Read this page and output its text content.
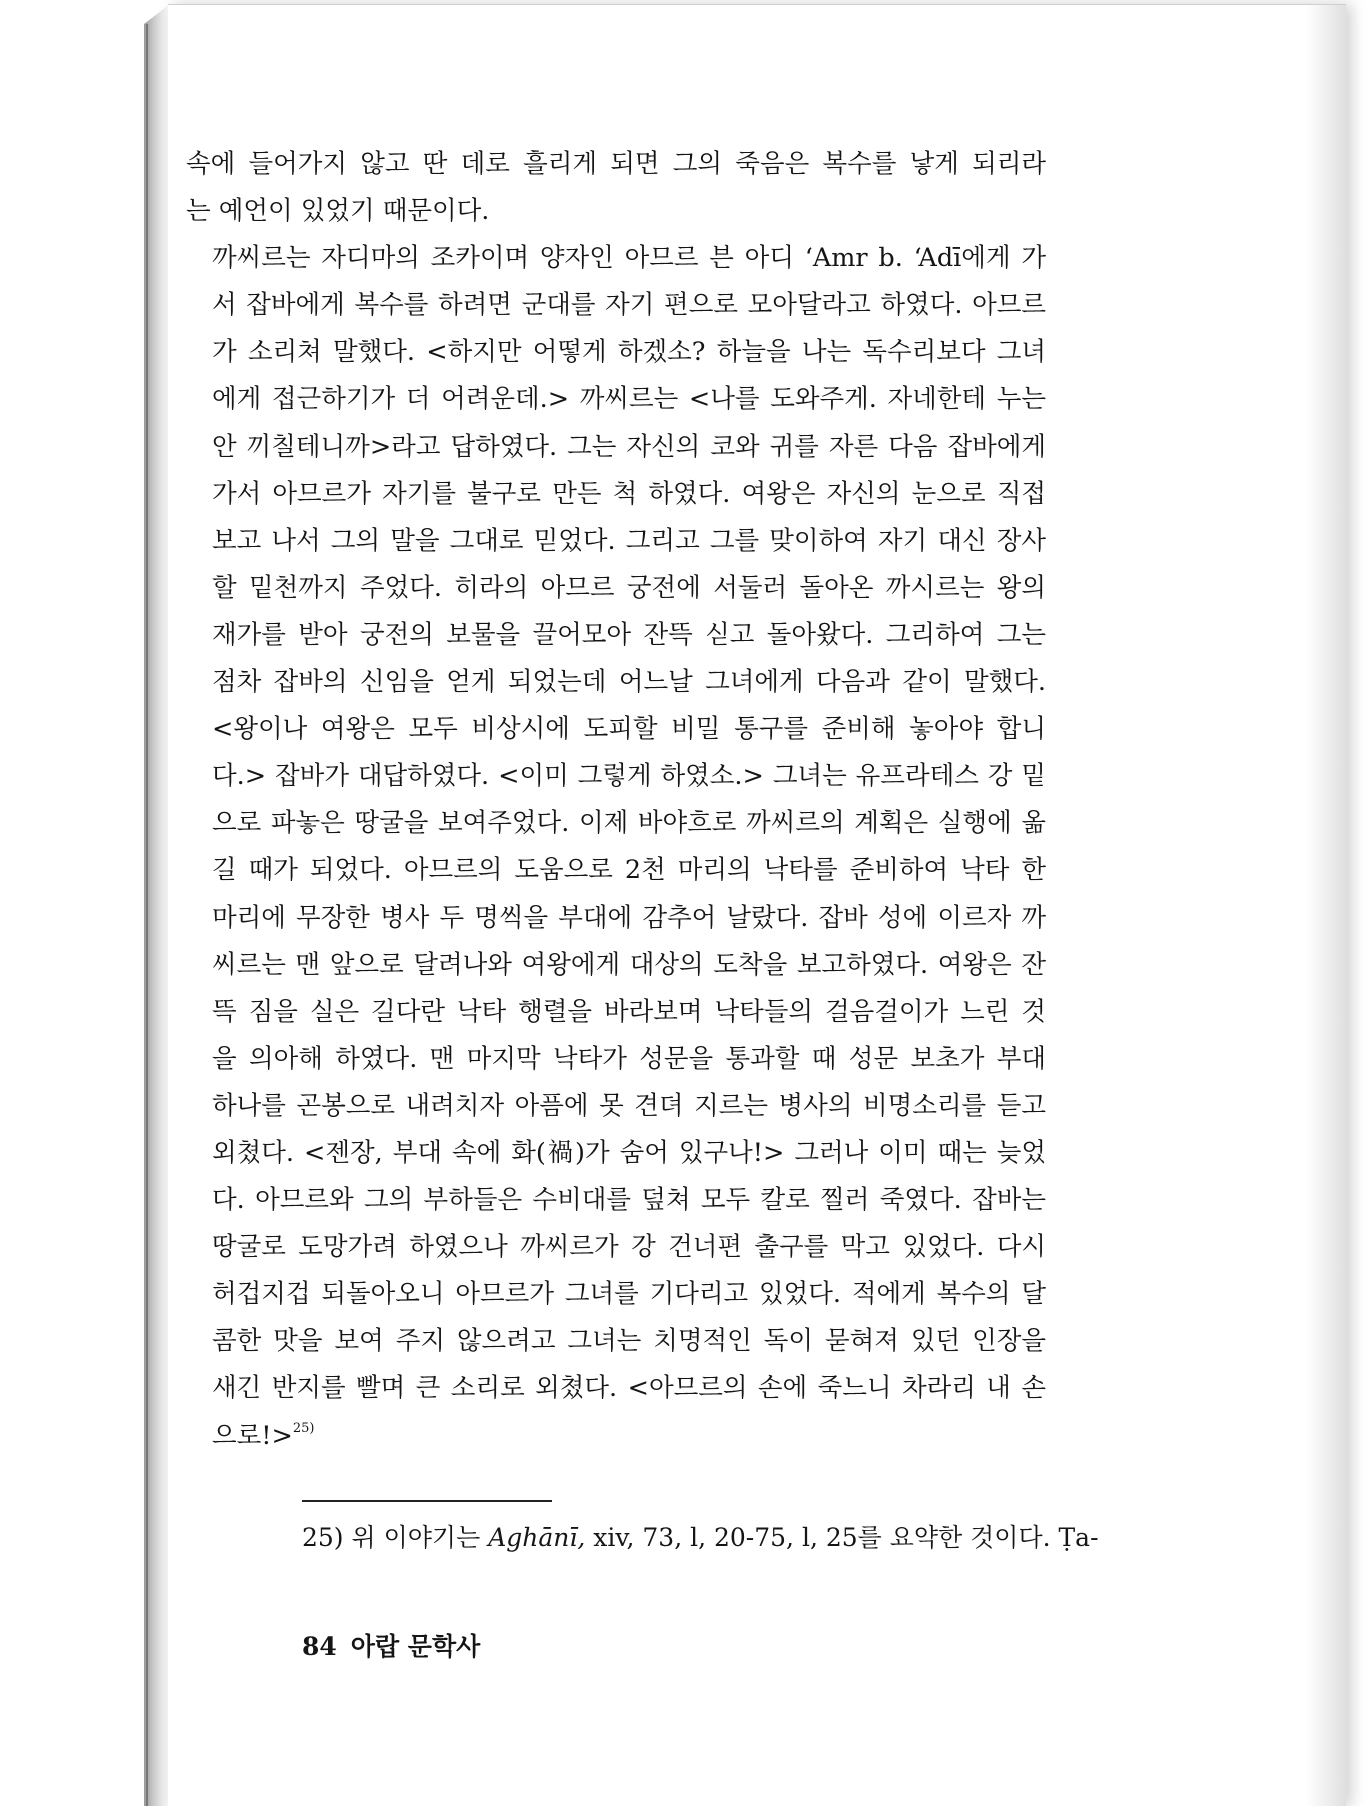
속에 들어가지 않고 딴 데로 흘리게 되면 그의 죽음은 복수를 낳게 되리라
는 예언이 있었기 때문이다.

까씨르는 자디마의 조카이며 양자인 아므르 븐 아디 ‘Amr b. ‘Adī에게 가
서 잡바에게 복수를 하려면 군대를 자기 편으로 모아달라고 하였다. 아므르
가 소리쳐 말했다. <하지만 어떻게 하겠소? 하늘을 나는 독수리보다 그녀
에게 접근하기가 더 어려운데.> 까씨르는 <나를 도와주게. 자네한테 누는
안 끼칠테니까>라고 답하였다. 그는 자신의 코와 귀를 자른 다음 잡바에게
가서 아므르가 자기를 불구로 만든 척 하였다. 여왕은 자신의 눈으로 직접
보고 나서 그의 말을 그대로 믿었다. 그리고 그를 맞이하여 자기 대신 장사
할 밑천까지 주었다. 히라의 아므르 궁전에 서둘러 돌아온 까시르는 왕의
재가를 받아 궁전의 보물을 끌어모아 잔뜩 싣고 돌아왔다. 그리하여 그는
점차 잡바의 신임을 얻게 되었는데 어느날 그녀에게 다음과 같이 말했다.
<왕이나 여왕은 모두 비상시에 도피할 비밀 통구를 준비해 놓아야 합니
다.> 잡바가 대답하였다. <이미 그렇게 하였소.> 그녀는 유프라테스 강 밑
으로 파놓은 땅굴을 보여주었다. 이제 바야흐로 까씨르의 계획은 실행에 옮
길 때가 되었다. 아므르의 도움으로 2천 마리의 낙타를 준비하여 낙타 한
마리에 무장한 병사 두 명씩을 부대에 감추어 날랐다. 잡바 성에 이르자 까
씨르는 맨 앞으로 달려나와 여왕에게 대상의 도착을 보고하였다. 여왕은 잔
뜩 짐을 실은 길다란 낙타 행렬을 바라보며 낙타들의 걸음걸이가 느린 것
을 의아해 하였다. 맨 마지막 낙타가 성문을 통과할 때 성문 보초가 부대
하나를 곤봉으로 내려치자 아픔에 못 견뎌 지르는 병사의 비명소리를 듣고
외쳤다. <젠장, 부대 속에 화(禍)가 숨어 있구나!> 그러나 이미 때는 늦었
다. 아므르와 그의 부하들은 수비대를 덮쳐 모두 칼로 찔러 죽였다. 잡바는
땅굴로 도망가려 하였으나 까씨르가 강 건너편 출구를 막고 있었다. 다시
허겁지겁 되돌아오니 아므르가 그녀를 기다리고 있었다. 적에게 복수의 달
콤한 맛을 보여 주지 않으려고 그녀는 치명적인 독이 묻혀져 있던 인장을
새긴 반지를 빨며 큰 소리로 외쳤다. <아므르의 손에 죽느니 차라리 내 손
으로!>$^{25)}$

25) 위 이야기는 Aghānī, xiv, 73, l, 20-75, l, 25를 요약한 것이다. Ṭa-
84 아랍 문학사
